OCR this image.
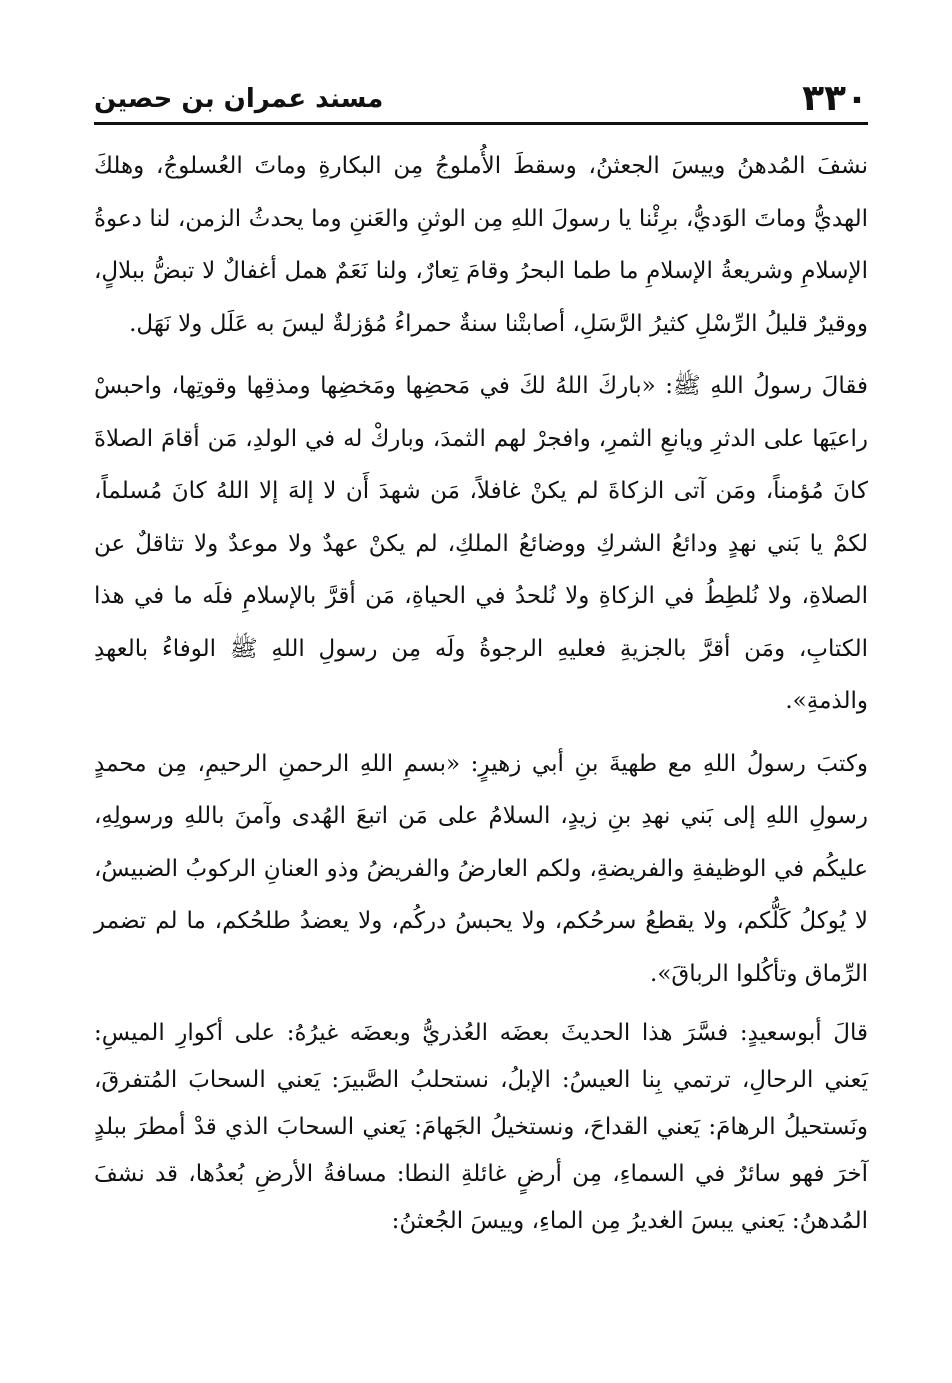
٣٣٠
مسند عمران بن حصين

نشفَ المُدهنُ وييسَ الجعثنُ، وسقطَ الأُملوجُ مِن البكارةِ وماتَ العُسلوجُ، وهلكَ الهديُّ وماتَ الوَديُّ، برِئْنا يا رسولَ اللهِ مِن الوثنِ والعَننِ وما يحدثُ الزمن، لنا دعوةُ الإسلامِ وشريعةُ الإسلامِ ما طما البحرُ وقامَ تِعارٌ، ولنا نَعَمٌ همل أغفالٌ لا تبضُّ ببلالٍ، ووقيرٌ قليلُ الرِّسْلِ كثيرُ الرَّسَلِ، أصابتْنا سنةٌ حمراءُ مُؤزلةٌ ليسَ به عَلَل ولا نَهَل.

فقالَ رسولُ اللهِ ﷺ: «باركَ اللهُ لكَ في مَحضِها ومَخضِها ومذقِها وقوتِها، واحبسْ راعيَها على الدثرِ ويانعِ الثمرِ، وافجرْ لهم الثمدَ، وباركْ له في الولدِ، مَن أقامَ الصلاةَ كانَ مُؤمناً، ومَن آتى الزكاةَ لم يكنْ غافلاً، مَن شهدَ أَن لا إلهَ إلا اللهُ كانَ مُسلماً، لكمْ يا بَني نهدٍ ودائعُ الشركِ ووضائعُ الملكِ، لم يكنْ عهدٌ ولا موعدٌ ولا تثاقلٌ عن الصلاةِ، ولا نُلطِطُ في الزكاةِ ولا نُلحدُ في الحياةِ، مَن أقرَّ بالإسلامِ فلَه ما في هذا الكتابِ، ومَن أقرَّ بالجزيةِ فعليهِ الرجوةُ ولَه مِن رسولِ اللهِ ﷺ الوفاءُ بالعهدِ والذمةِ».

وكتبَ رسولُ اللهِ مع طهيةَ بنِ أبي زهيرٍ: «بسمِ اللهِ الرحمنِ الرحيمِ، مِن محمدٍ رسولِ اللهِ إلى بَني نهدِ بنِ زيدٍ، السلامُ على مَن اتبعَ الهُدى وآمنَ باللهِ ورسولِهِ، عليكُم في الوظيفةِ والفريضةِ، ولكم العارضُ والفريضُ وذو العنانِ الركوبُ الضبيسُ، لا يُوكلُ كَلُّكم، ولا يقطعُ سرحُكم، ولا يحبسُ دركُم، ولا يعضدُ طلحُكم، ما لم تضمر الرِّماق وتأكُلوا الرباقَ».

قالَ أبوسعيدٍ: فسَّرَ هذا الحديثَ بعضَه العُذريُّ وبعضَه غيرُهُ: على أكوارِ الميسِ: يَعني الرحالِ، ترتمي بِنا العيسُ: الإبلُ، نستحلبُ الصَّبيرَ: يَعني السحابَ المُتفرقَ، ونَستحيلُ الرهامَ: يَعني القداحَ، ونستخيلُ الجَهامَ: يَعني السحابَ الذي قدْ أمطرَ ببلدٍ آخرَ فهو سائرٌ في السماءِ، مِن أرضٍ غائلةِ النطا: مسافةُ الأرضِ بُعدُها، قد نشفَ المُدهنُ: يَعني يبسَ الغديرُ مِن الماءِ، وييسَ الجُعثنُ:
